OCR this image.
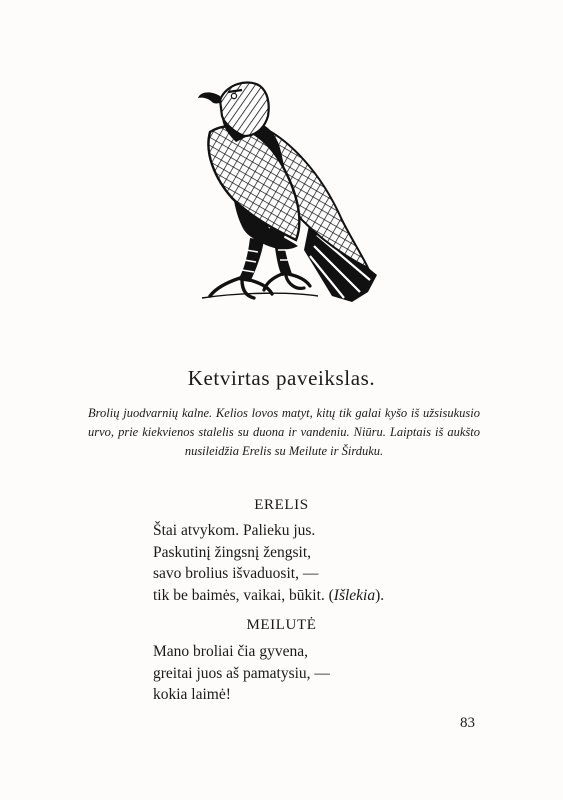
Ketvirtas paveikslas.
Brolių juodvarnių kalne. Kelios lovos matyt, kitų tik galai kyšo iš užsisukusio urvo, prie kiekvienos stalelis su duona ir vandeniu. Niūru. Laiptais iš aukšto nusileidžia Erelis su Meilute ir Širduku.
ERELIS
Štai atvykom. Palieku jus.
Paskutinį žingsnį žengsit,
savo brolius išvaduosit, —
tik be baimės, vaikai, būkit. (Išlekia).
MEILUTĖ
Mano broliai čia gyvena,
greitai juos aš pamatysiu, —
kokia laimė!
83
